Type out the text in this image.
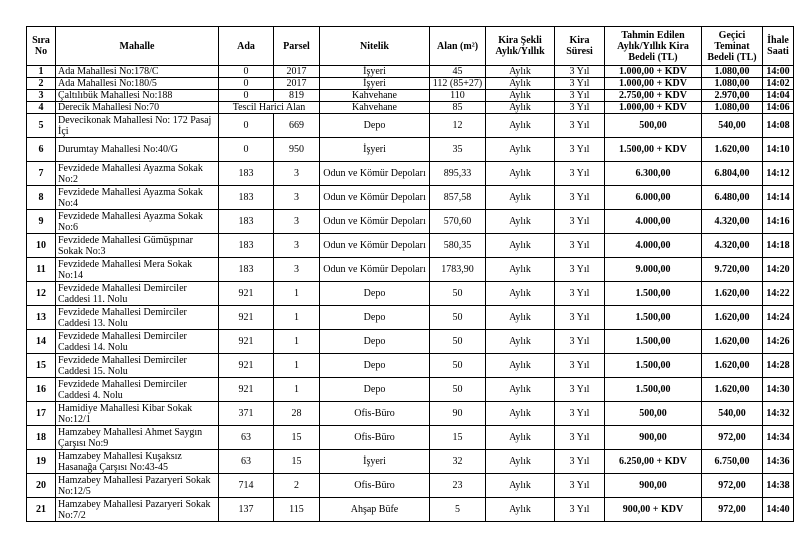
Sıra No	Mahalle	Ada	Parsel	Nitelik	Alan (m²)	Kira Şekli Aylık/Yıllık	Kira Süresi	Tahmin Edilen Aylık/Yıllık Kira Bedeli (TL)	Geçici Teminat Bedeli (TL)	İhale Saati
1	Ada Mahallesi No:178/C	0	2017	İşyeri	45	Aylık	3 Yıl	1.000,00 + KDV	1.080,00	14:00
2	Ada Mahallesi No:180/5	0	2017	İşyeri	112 (85+27)	Aylık	3 Yıl	1.000,00 + KDV	1.080,00	14:02
3	Çaltılıbük Mahallesi No:188	0	819	Kahvehane	110	Aylık	3 Yıl	2.750,00 + KDV	2.970,00	14:04
4	Derecik Mahallesi No:70	Tescil Harici Alan		Kahvehane	85	Aylık	3 Yıl	1.000,00 + KDV	1.080,00	14:06
5	Devecikonak Mahallesi No: 172 Pasaj İçi	0	669	Depo	12	Aylık	3 Yıl	500,00	540,00	14:08
6	Durumtay Mahallesi No:40/G	0	950	İşyeri	35	Aylık	3 Yıl	1.500,00 + KDV	1.620,00	14:10
7	Fevzidede Mahallesi Ayazma Sokak No:2	183	3	Odun ve Kömür Depoları	895,33	Aylık	3 Yıl	6.300,00	6.804,00	14:12
8	Fevzidede Mahallesi Ayazma Sokak No:4	183	3	Odun ve Kömür Depoları	857,58	Aylık	3 Yıl	6.000,00	6.480,00	14:14
9	Fevzidede Mahallesi Ayazma Sokak No:6	183	3	Odun ve Kömür Depoları	570,60	Aylık	3 Yıl	4.000,00	4.320,00	14:16
10	Fevzidede Mahallesi Gümüşpınar Sokak No:3	183	3	Odun ve Kömür Depoları	580,35	Aylık	3 Yıl	4.000,00	4.320,00	14:18
11	Fevzidede Mahallesi Mera Sokak No:14	183	3	Odun ve Kömür Depoları	1783,90	Aylık	3 Yıl	9.000,00	9.720,00	14:20
12	Fevzidede Mahallesi Demirciler Caddesi 11. Nolu	921	1	Depo	50	Aylık	3 Yıl	1.500,00	1.620,00	14:22
13	Fevzidede Mahallesi Demirciler Caddesi 13. Nolu	921	1	Depo	50	Aylık	3 Yıl	1.500,00	1.620,00	14:24
14	Fevzidede Mahallesi Demirciler Caddesi 14. Nolu	921	1	Depo	50	Aylık	3 Yıl	1.500,00	1.620,00	14:26
15	Fevzidede Mahallesi Demirciler Caddesi 15. Nolu	921	1	Depo	50	Aylık	3 Yıl	1.500,00	1.620,00	14:28
16	Fevzidede Mahallesi Demirciler Caddesi 4. Nolu	921	1	Depo	50	Aylık	3 Yıl	1.500,00	1.620,00	14:30
17	Hamidiye Mahallesi Kibar Sokak No:12/1	371	28	Ofis-Büro	90	Aylık	3 Yıl	500,00	540,00	14:32
18	Hamzabey Mahallesi Ahmet Saygın Çarşısı No:9	63	15	Ofis-Büro	15	Aylık	3 Yıl	900,00	972,00	14:34
19	Hamzabey Mahallesi Kuşaksız Hasanağa Çarşısı No:43-45	63	15	İşyeri	32	Aylık	3 Yıl	6.250,00 + KDV	6.750,00	14:36
20	Hamzabey Mahallesi Pazaryeri Sokak No:12/5	714	2	Ofis-Büro	23	Aylık	3 Yıl	900,00	972,00	14:38
21	Hamzabey Mahallesi Pazaryeri Sokak No:7/2	137	115	Ahşap Büfe	5	Aylık	3 Yıl	900,00 + KDV	972,00	14:40
